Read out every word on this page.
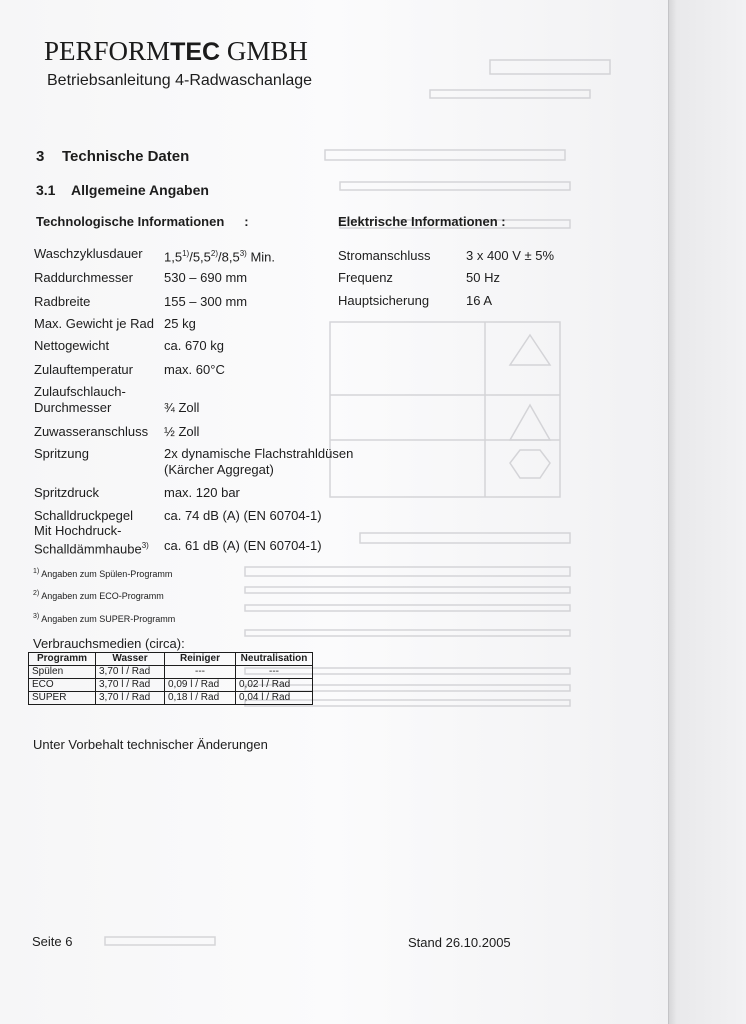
PERFORMTEC GMBH
Betriebsanleitung 4-Radwaschanlage
3 Technische Daten
3.1 Allgemeine Angaben
Technologische Informationen :	Elektrische Informationen :
Waschzyklusdauer 1,5$^{1)}$/5,5$^{2)}$/8,5$^{3)}$ Min.
Raddurchmesser 530 – 690 mm
Radbreite	155 – 300 mm
Max. Gewicht je Rad 25 kg
Nettogewicht	ca. 670 kg
Zulauftemperatur max. 60°C
Zulaufschlauch-
Durchmesser	¾ Zoll
Zuwasseranschluss ½ Zoll
Spritzung	2x dynamische Flachstrahldüsen
(Kärcher Aggregat)
Spritzdruck	max. 120 bar
Schalldruckpegel ca. 74 dB (A) (EN 60704-1)
Mit Hochdruck-
Schalldämmhaube$^{3)}$ ca. 61 dB (A) (EN 60704-1)
Stromanschluss	3 x 400 V ± 5%
Frequenz	50 Hz
Hauptsicherung	16 A
$^{1)}$ Angaben zum Spülen-Programm
$^{2)}$ Angaben zum ECO-Programm
$^{3)}$ Angaben zum SUPER-Programm
Verbrauchsmedien (circa):
Programm	Wasser	Reiniger	Neutralisation
Spülen	3,70 l / Rad	---	---
ECO	3,70 l / Rad	0,09 l / Rad	0,02 l / Rad
SUPER	3,70 l / Rad	0,18 l / Rad	0,04 l / Rad
Unter Vorbehalt technischer Änderungen
Seite 6	Stand 26.10.2005
